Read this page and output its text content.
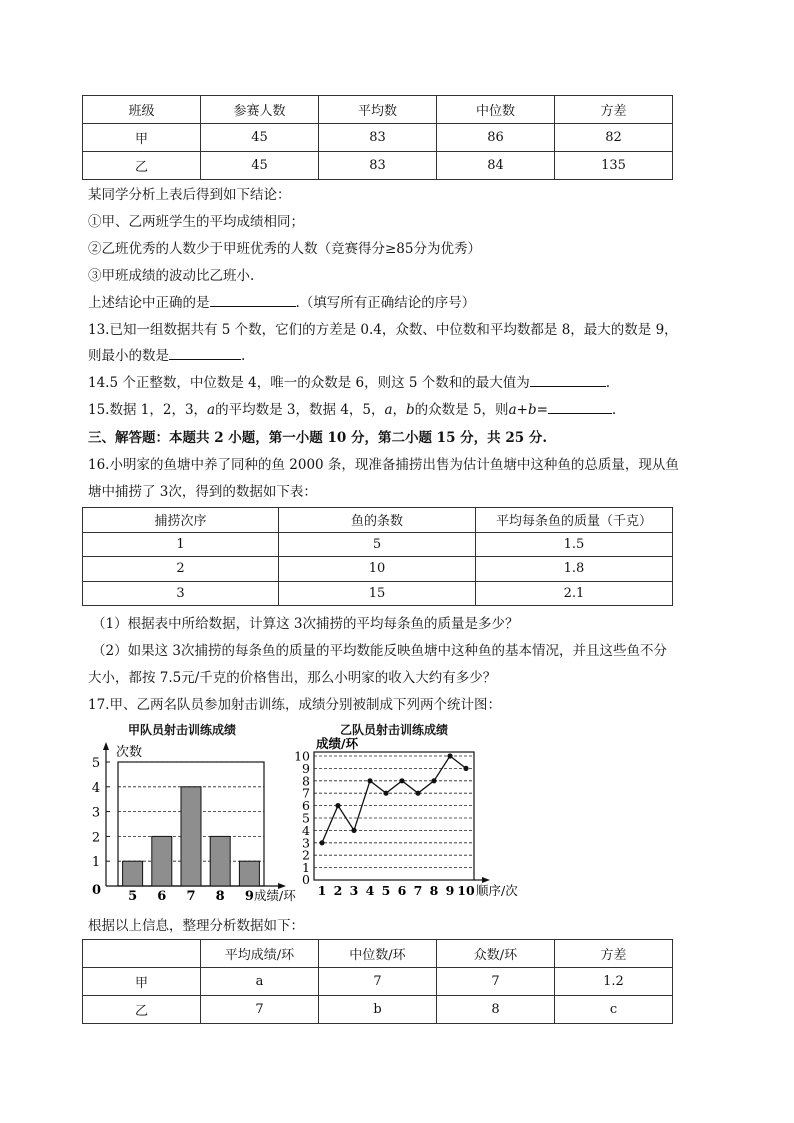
班级	参赛人数	平均数	中位数	方差
甲	45	83	86	82
乙	45	83	84	135
某同学分析上表后得到如下结论：
①甲、乙两班学生的平均成绩相同；
②乙班优秀的人数少于甲班优秀的人数（竞赛得分≥85分为优秀）
③甲班成绩的波动比乙班小.
上述结论中正确的是	.（填写所有正确结论的序号）
13.已知一组数据共有 5 个数，它们的方差是 0.4，众数、中位数和平均数都是 8，最大的数是 9，
则最小的数是	.
14.5 个正整数，中位数是 4，唯一的众数是 6，则这 5 个数和的最大值为	.
15.数据 1，2，3，a的平均数是 3，数据 4，5，a，b的众数是 5，则a+b=	.
三、解答题：本题共 2 小题，第一小题 10 分，第二小题 15 分，共 25 分.
16.小明家的鱼塘中养了同种的鱼 2000 条，现准备捕捞出售为估计鱼塘中这种鱼的总质量，现从鱼
塘中捕捞了 3次，得到的数据如下表：
捕捞次序	鱼的条数	平均每条鱼的质量（千克）
1	5	1.5
2	10	1.8
3	15	2.1
（1）根据表中所给数据，计算这 3次捕捞的平均每条鱼的质量是多少？
（2）如果这 3次捕捞的每条鱼的质量的平均数能反映鱼塘中这种鱼的基本情况，并且这些鱼不分
大小，都按 7.5元/千克的价格售出，那么小明家的收入大约有多少？
17.甲、乙两名队员参加射击训练，成绩分别被制成下列两个统计图：
甲队员射击训练成绩	乙队员射击训练成绩
1
2
3
4
5
次数
0 5 6 7 8 9 成绩/环
1
2
3
4
5
6
7
8
9
10
0
成绩/环
1 2 3 4 5 6 7 8 9 10 顺序/次
根据以上信息，整理分析数据如下：
	平均成绩/环	中位数/环	众数/环	方差
甲	a	7	7	1.2
乙	7	b	8	c
